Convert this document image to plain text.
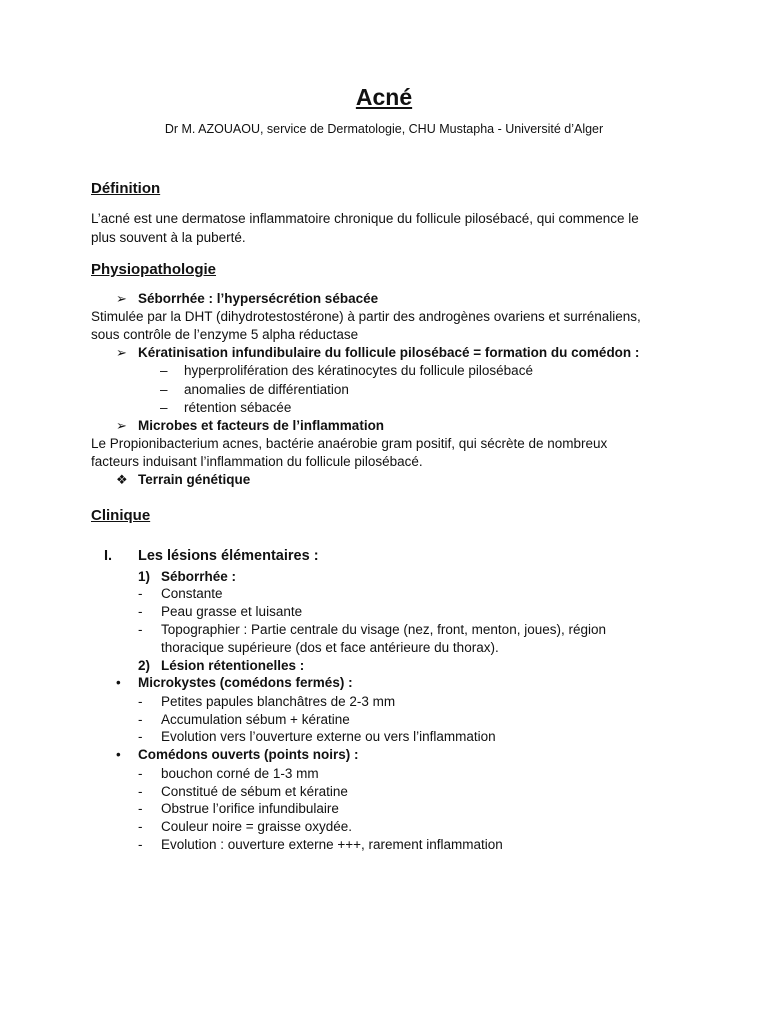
Acné
Dr M. AZOUAOU, service de Dermatologie, CHU Mustapha - Université d’Alger
Définition
L’acné est une dermatose inflammatoire chronique du follicule pilosébacé, qui commence le
plus souvent à la puberté.
Physiopathologie
➢ Séborrhée : l’hypersécrétion sébacée
Stimulée par la DHT (dihydrotestostérone) à partir des androgènes ovariens et surrénaliens,
sous contrôle de l’enzyme 5 alpha réductase
➢ Kératinisation infundibulaire du follicule pilosébacé = formation du comédon :
– hyperprolifération des kératinocytes du follicule pilosébacé
– anomalies de différentiation
– rétention sébacée
➢ Microbes et facteurs de l’inflammation
Le Propionibacterium acnes, bactérie anaérobie gram positif, qui sécrète de nombreux
facteurs induisant l’inflammation du follicule pilosébacé.
❖ Terrain génétique
Clinique
I. Les lésions élémentaires :
1) Séborrhée :
- Constante
- Peau grasse et luisante
- Topographier : Partie centrale du visage (nez, front, menton, joues), région
thoracique supérieure (dos et face antérieure du thorax).
2) Lésion rétentionelles :
• Microkystes (comédons fermés) :
- Petites papules blanchâtres de 2-3 mm
- Accumulation sébum + kératine
- Evolution vers l’ouverture externe ou vers l’inflammation
• Comédons ouverts (points noirs) :
- bouchon corné de 1-3 mm
- Constitué de sébum et kératine
- Obstrue l’orifice infundibulaire
- Couleur noire = graisse oxydée.
- Evolution : ouverture externe +++, rarement inflammation
